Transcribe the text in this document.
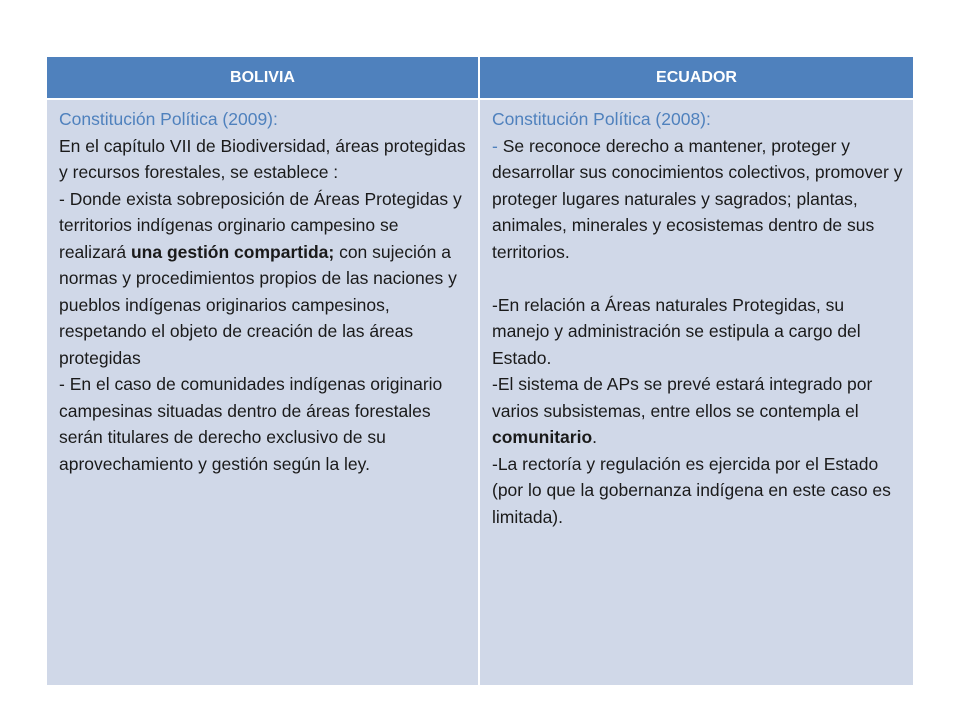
BOLIVIA	ECUADOR

Constitución Política (2009):

En el capítulo VII de Biodiversidad, áreas protegidas y recursos forestales, se establece :

- Donde exista sobreposición de Áreas Protegidas y territorios indígenas orginario campesino se realizará una gestión compartida; con sujeción a normas y procedimientos propios de las naciones y pueblos indígenas originarios campesinos, respetando el objeto de creación de las áreas protegidas

- En el caso de comunidades indígenas originario campesinas situadas dentro de áreas forestales serán titulares de derecho exclusivo de su aprovechamiento y gestión según la ley.

Constitución Política (2008):

- Se reconoce derecho a mantener, proteger y desarrollar sus conocimientos colectivos, promover y proteger lugares naturales y sagrados; plantas, animales, minerales y ecosistemas dentro de sus territorios.

-En relación a Áreas naturales Protegidas, su manejo y administración se estipula a cargo del Estado.

-El sistema de APs se prevé estará integrado por varios subsistemas, entre ellos se contempla el comunitario.

-La rectoría y regulación es ejercida por el Estado (por lo que la gobernanza indígena en este caso es limitada).
